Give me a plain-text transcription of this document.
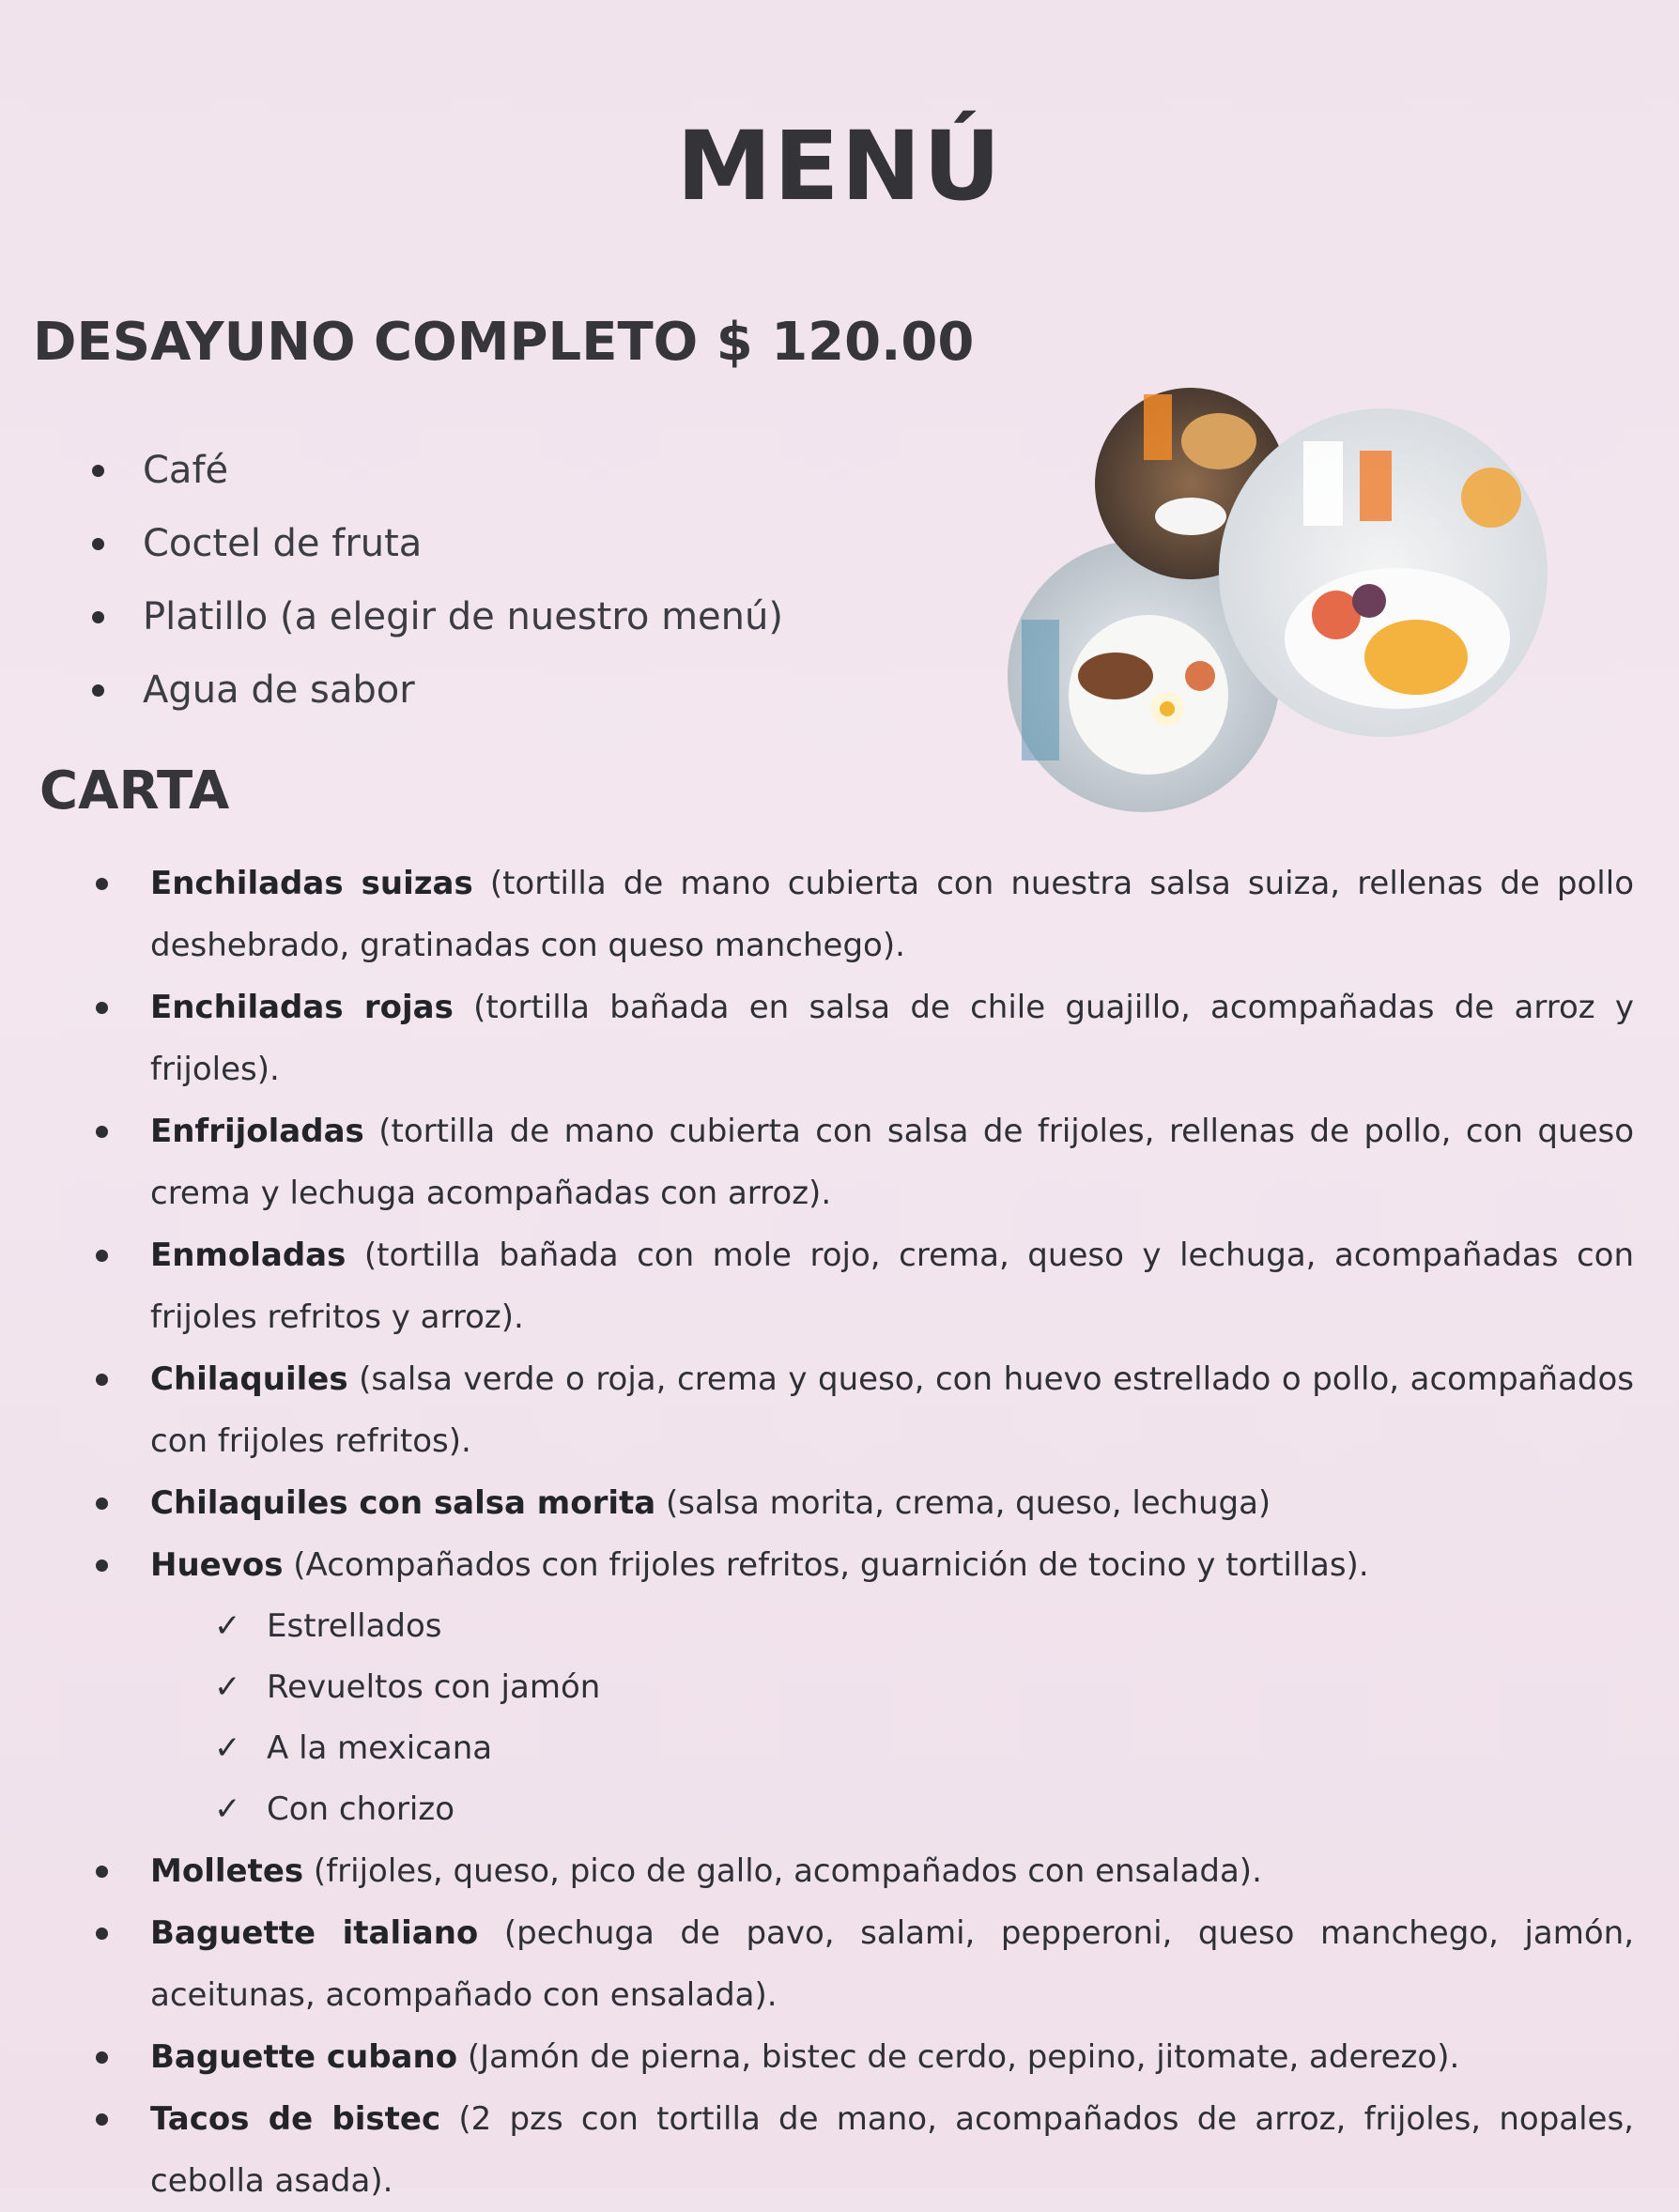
MENÚ
DESAYUNO COMPLETO $ 120.00
Café
Coctel de fruta
Platillo (a elegir de nuestro menú)
Agua de sabor
CARTA
Enchiladas suizas (tortilla de mano cubierta con nuestra salsa suiza, rellenas de pollo deshebrado, gratinadas con queso manchego).
Enchiladas rojas (tortilla bañada en salsa de chile guajillo, acompañadas de arroz y frijoles).
Enfrijoladas (tortilla de mano cubierta con salsa de frijoles, rellenas de pollo, con queso crema y lechuga acompañadas con arroz).
Enmoladas (tortilla bañada con mole rojo, crema, queso y lechuga, acompañadas con frijoles refritos y arroz).
Chilaquiles (salsa verde o roja, crema y queso, con huevo estrellado o pollo, acompañados con frijoles refritos).
Chilaquiles con salsa morita (salsa morita, crema, queso, lechuga)
Huevos (Acompañados con frijoles refritos, guarnición de tocino y tortillas).
✓ Estrellados
✓ Revueltos con jamón
✓ A la mexicana
✓ Con chorizo
Molletes (frijoles, queso, pico de gallo, acompañados con ensalada).
Baguette italiano (pechuga de pavo, salami, pepperoni, queso manchego, jamón, aceitunas, acompañado con ensalada).
Baguette cubano (Jamón de pierna, bistec de cerdo, pepino, jitomate, aderezo).
Tacos de bistec (2 pzs con tortilla de mano, acompañados de arroz, frijoles, nopales, cebolla asada).
